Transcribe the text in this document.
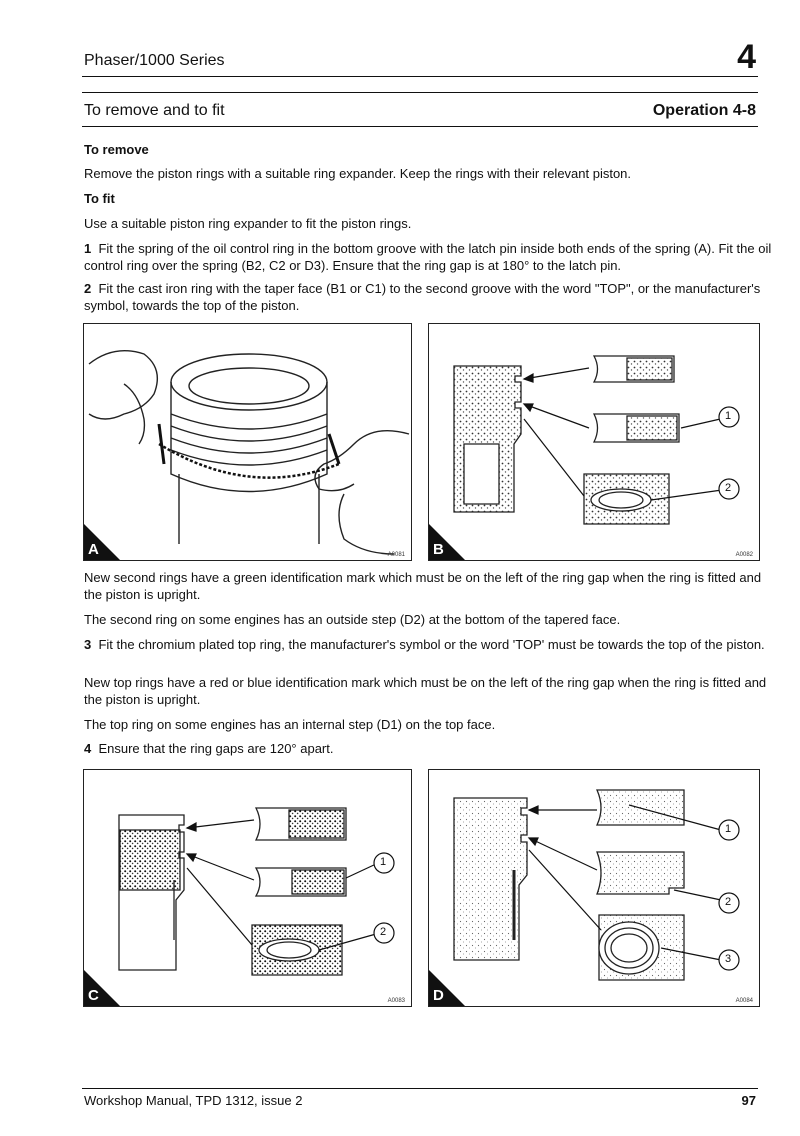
Phaser/1000 Series	4
To remove and to fit	Operation 4-8
To remove
Remove the piston rings with a suitable ring expander. Keep the rings with their relevant piston.
To fit
Use a suitable piston ring expander to fit the piston rings.
1 Fit the spring of the oil control ring in the bottom groove with the latch pin inside both ends of the spring (A). Fit the oil control ring over the spring (B2, C2 or D3). Ensure that the ring gap is at 180° to the latch pin.
2 Fit the cast iron ring with the taper face (B1 or C1) to the second groove with the word "TOP", or the manufacturer's symbol, towards the top of the piston.
A	A0081
1
2
B	A0082
New second rings have a green identification mark which must be on the left of the ring gap when the ring is fitted and the piston is upright.
The second ring on some engines has an outside step (D2) at the bottom of the tapered face.
3 Fit the chromium plated top ring, the manufacturer's symbol or the word 'TOP' must be towards the top of the piston.
New top rings have a red or blue identification mark which must be on the left of the ring gap when the ring is fitted and the piston is upright.
The top ring on some engines has an internal step (D1) on the top face.
4 Ensure that the ring gaps are 120° apart.
1
2
C	A0083
1
2
3
D	A0084
Workshop Manual, TPD 1312, issue 2	97
